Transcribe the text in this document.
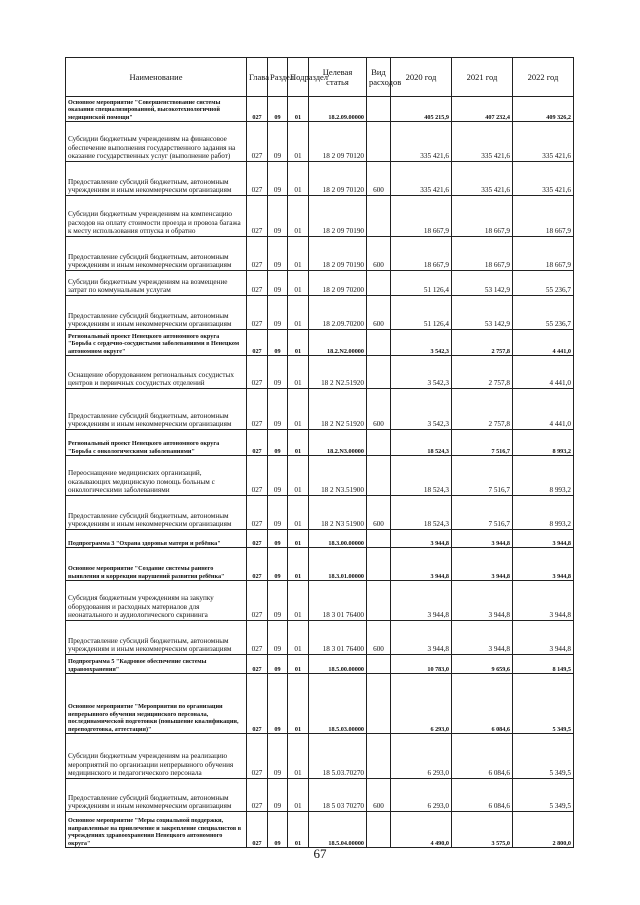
Наименование	Глава	Раздел	Подраздел	Целевая статья	Вид расходов	2020 год	2021 год	2022 год
Основное мероприятие "Совершенствование системы оказания специализированной, высокотехнологичной медицинской помощи"	027	09	01	18.2.09.00000		405 215,9	407 232,4	409 326,2
Субсидии бюджетным учреждениям на финансовое обеспечение выполнения государственного задания на оказание государственных услуг (выполнение работ)	027	09	01	18 2 09 70120		335 421,6	335 421,6	335 421,6
Предоставление субсидий бюджетным, автономным учреждениям и иным некоммерческим организациям	027	09	01	18 2 09 70120	600	335 421,6	335 421,6	335 421,6
Субсидии бюджетным учреждениям на компенсацию расходов на оплату стоимости проезда и провоза багажа к месту использования отпуска и обратно	027	09	01	18 2 09 70190		18 667,9	18 667,9	18 667,9
Предоставление субсидий бюджетным, автономным учреждениям и иным некоммерческим организациям	027	09	01	18 2 09 70190	600	18 667,9	18 667,9	18 667,9
Субсидии бюджетным учреждениям на возмещение затрат по коммунальным услугам	027	09	01	18 2 09 70200		51 126,4	53 142,9	55 236,7
Предоставление субсидий бюджетным, автономным учреждениям и иным некоммерческим организациям	027	09	01	18 2.09.70200	600	51 126,4	53 142,9	55 236,7
Региональный проект Ненецкого автономного округа "Борьба с сердечно-сосудистыми заболеваниями в Ненецком автономном округе"	027	09	01	18.2.N2.00000		3 542,3	2 757,8	4 441,0
Оснащение оборудованием региональных сосудистых центров и первичных сосудистых отделений	027	09	01	18 2 N2.51920		3 542,3	2 757,8	4 441,0
Предоставление субсидий бюджетным, автономным учреждениям и иным некоммерческим организациям	027	09	01	18 2 N2 51920	600	3 542,3	2 757,8	4 441,0
Региональный проект Ненецкого автономного округа "Борьба с онкологическими заболеваниями"	027	09	01	18.2.N3.00000		18 524,3	7 516,7	8 993,2
Переоснащение медицинских организаций, оказывающих медицинскую помощь больным с онкологическими заболеваниями	027	09	01	18 2 N3.51900		18 524,3	7 516,7	8 993,2
Предоставление субсидий бюджетным, автономным учреждениям и иным некоммерческим организациям	027	09	01	18 2 N3 51900	600	18 524,3	7 516,7	8 993,2
Подпрограмма 3 "Охрана здоровья матери и ребёнка"	027	09	01	18.3.00.00000		3 944,8	3 944,8	3 944,8
Основное мероприятие "Создание системы раннего выявления и коррекции нарушений развития ребёнка"	027	09	01	18.3.01.00000		3 944,8	3 944,8	3 944,8
Субсидия бюджетным учреждениям на закупку оборудования и расходных материалов для неонатального и аудиологического скрининга	027	09	01	18 3 01 76400		3 944,8	3 944,8	3 944,8
Предоставление субсидий бюджетным, автономным учреждениям и иным некоммерческим организациям	027	09	01	18 3 01 76400	600	3 944,8	3 944,8	3 944,8
Подпрограмма 5 "Кадровое обеспечение системы здравоохранения"	027	09	01	18.5.00.00000		10 783,0	9 659,6	8 149,5
Основное мероприятие "Мероприятия по организации непрерывного обучения медицинского персонала, послединамической подготовки (повышение квалификации, переподготовка, аттестация)"	027	09	01	18.5.03.00000		6 293,0	6 084,6	5 349,5
Субсидии бюджетным учреждениям на реализацию мероприятий по организации непрерывного обучения медицинского и педагогического персонала	027	09	01	18 5.03.70270		6 293,0	6 084,6	5 349,5
Предоставление субсидий бюджетным, автономным учреждениям и иным некоммерческим организациям	027	09	01	18 5 03 70270	600	6 293,0	6 084,6	5 349,5
Основное мероприятие "Меры социальной поддержки, направленные на привлечение и закрепление специалистов в учреждениях здравоохранения Ненецкого автономного округа"	027	09	01	18.5.04.00000		4 490,0	3 575,0	2 800,0
67
